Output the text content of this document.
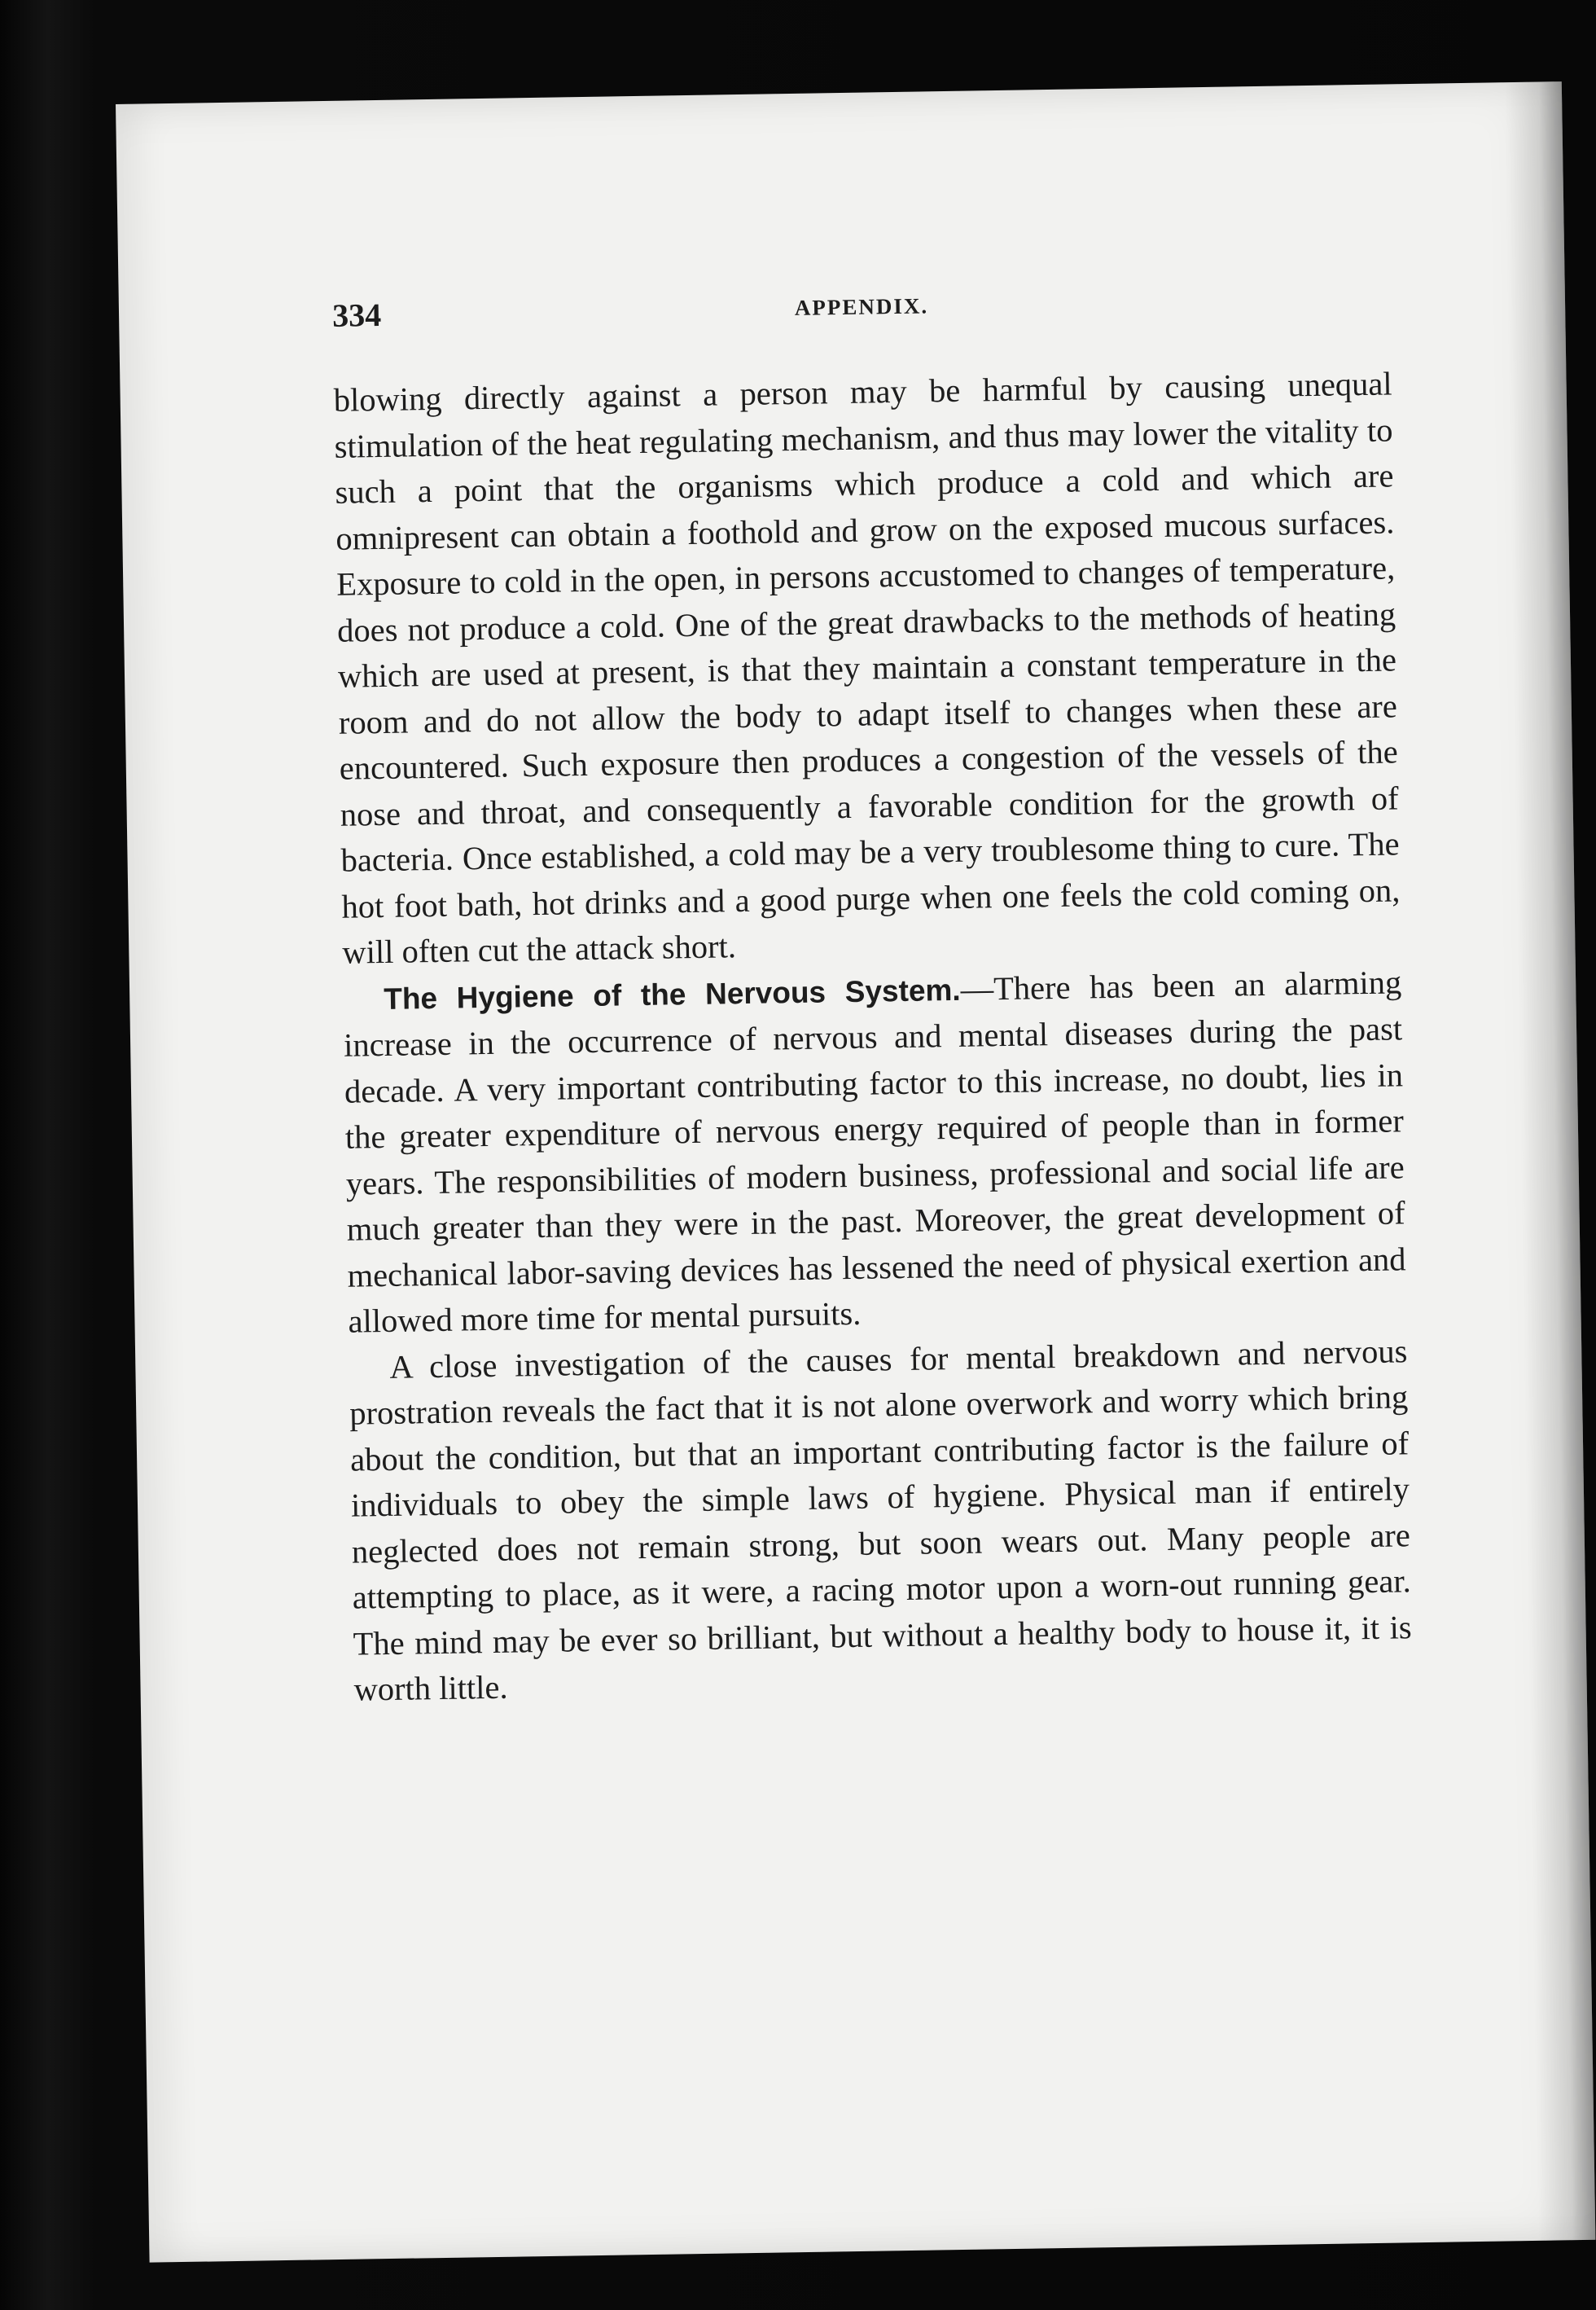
334	APPENDIX.

blowing directly against a person may be harmful by causing unequal stimulation of the heat regulating mechanism, and thus may lower the vitality to such a point that the organisms which produce a cold and which are omnipresent can obtain a foothold and grow on the exposed mucous surfaces. Exposure to cold in the open, in persons accustomed to changes of temperature, does not produce a cold. One of the great drawbacks to the methods of heating which are used at present, is that they maintain a constant temperature in the room and do not allow the body to adapt itself to changes when these are encountered. Such exposure then produces a congestion of the vessels of the nose and throat, and consequently a favorable condition for the growth of bacteria. Once established, a cold may be a very troublesome thing to cure. The hot foot bath, hot drinks and a good purge when one feels the cold coming on, will often cut the attack short.

The Hygiene of the Nervous System.—There has been an alarming increase in the occurrence of nervous and mental diseases during the past decade. A very important contributing factor to this increase, no doubt, lies in the greater expenditure of nervous energy required of people than in former years. The responsibilities of modern business, professional and social life are much greater than they were in the past. Moreover, the great development of mechanical labor-saving devices has lessened the need of physical exertion and allowed more time for mental pursuits.

A close investigation of the causes for mental breakdown and nervous prostration reveals the fact that it is not alone overwork and worry which bring about the condition, but that an important contributing factor is the failure of individuals to obey the simple laws of hygiene. Physical man if entirely neglected does not remain strong, but soon wears out. Many people are attempting to place, as it were, a racing motor upon a worn-out running gear. The mind may be ever so brilliant, but without a healthy body to house it, it is worth little.
